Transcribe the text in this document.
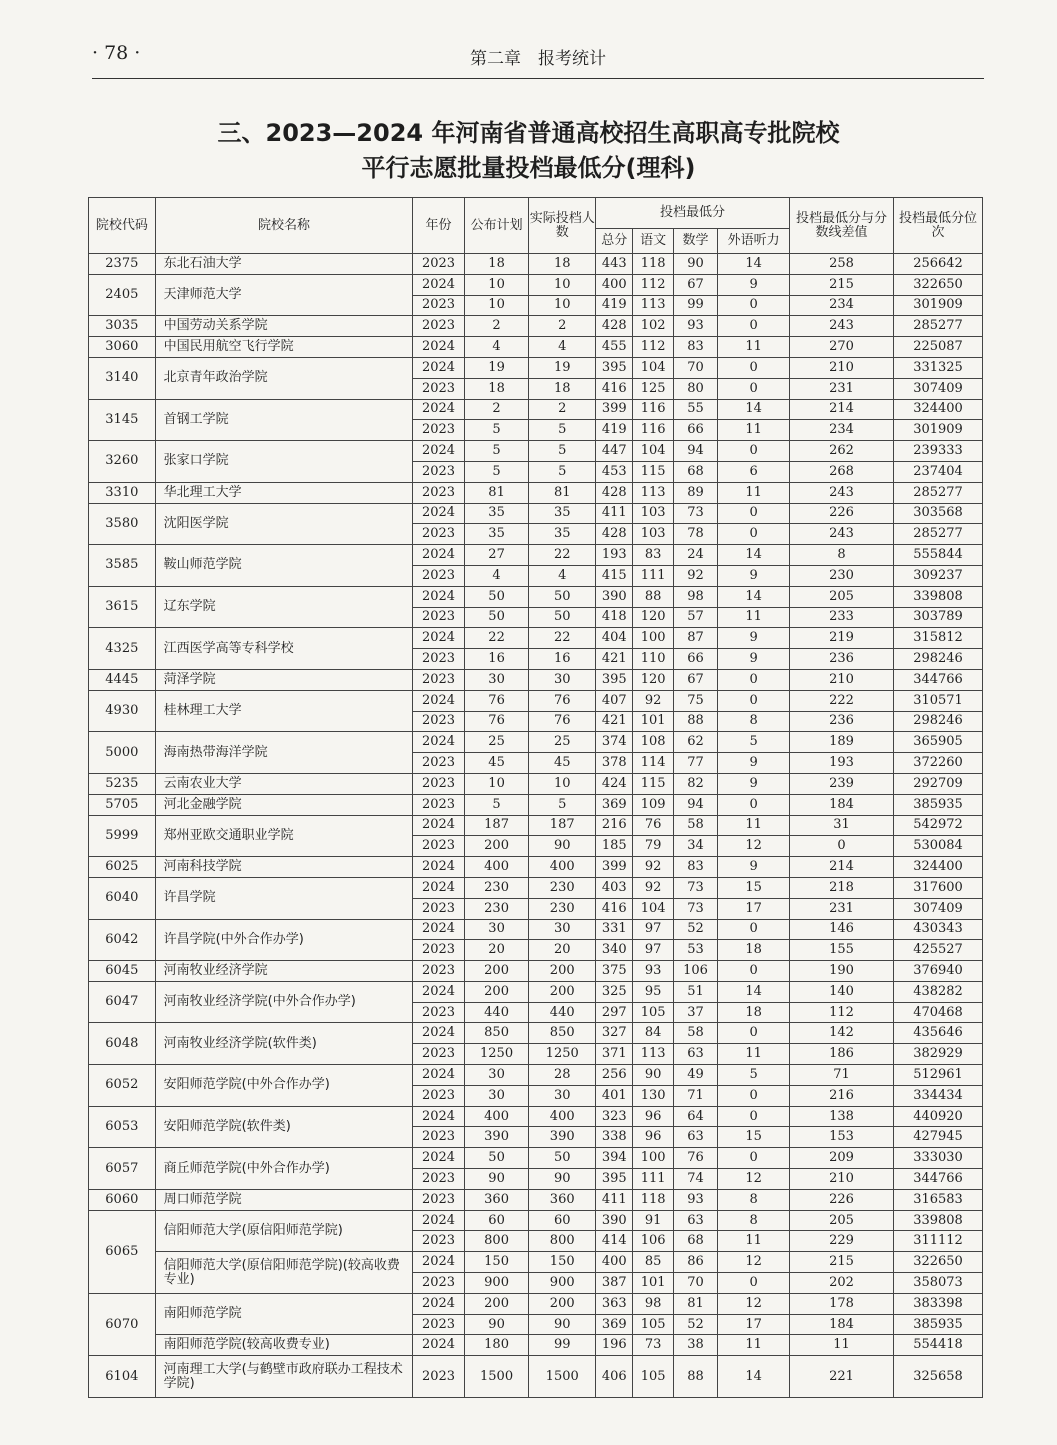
· 78 ·	第二章　报考统计
三、2023—2024 年河南省普通高校招生高职高专批院校
平行志愿批量投档最低分(理科)
院校代码	院校名称	年份	公布计划	实际投档人数	投档最低分				投档最低分与分数线差值	投档最低分位次
					总分	语文	数学	外语听力		
2375	东北石油大学	2023	18	18	443	118	90	14	258	256642
2405	天津师范大学	2024	10	10	400	112	67	9	215	322650
		2023	10	10	419	113	99	0	234	301909
3035	中国劳动关系学院	2023	2	2	428	102	93	0	243	285277
3060	中国民用航空飞行学院	2024	4	4	455	112	83	11	270	225087
3140	北京青年政治学院	2024	19	19	395	104	70	0	210	331325
		2023	18	18	416	125	80	0	231	307409
3145	首钢工学院	2024	2	2	399	116	55	14	214	324400
		2023	5	5	419	116	66	11	234	301909
3260	张家口学院	2024	5	5	447	104	94	0	262	239333
		2023	5	5	453	115	68	6	268	237404
3310	华北理工大学	2023	81	81	428	113	89	11	243	285277
3580	沈阳医学院	2024	35	35	411	103	73	0	226	303568
		2023	35	35	428	103	78	0	243	285277
3585	鞍山师范学院	2024	27	22	193	83	24	14	8	555844
		2023	4	4	415	111	92	9	230	309237
3615	辽东学院	2024	50	50	390	88	98	14	205	339808
		2023	50	50	418	120	57	11	233	303789
4325	江西医学高等专科学校	2024	22	22	404	100	87	9	219	315812
		2023	16	16	421	110	66	9	236	298246
4445	菏泽学院	2023	30	30	395	120	67	0	210	344766
4930	桂林理工大学	2024	76	76	407	92	75	0	222	310571
		2023	76	76	421	101	88	8	236	298246
5000	海南热带海洋学院	2024	25	25	374	108	62	5	189	365905
		2023	45	45	378	114	77	9	193	372260
5235	云南农业大学	2023	10	10	424	115	82	9	239	292709
5705	河北金融学院	2023	5	5	369	109	94	0	184	385935
5999	郑州亚欧交通职业学院	2024	187	187	216	76	58	11	31	542972
		2023	200	90	185	79	34	12	0	530084
6025	河南科技学院	2024	400	400	399	92	83	9	214	324400
6040	许昌学院	2024	230	230	403	92	73	15	218	317600
		2023	230	230	416	104	73	17	231	307409
6042	许昌学院(中外合作办学)	2024	30	30	331	97	52	0	146	430343
		2023	20	20	340	97	53	18	155	425527
6045	河南牧业经济学院	2023	200	200	375	93	106	0	190	376940
6047	河南牧业经济学院(中外合作办学)	2024	200	200	325	95	51	14	140	438282
		2023	440	440	297	105	37	18	112	470468
6048	河南牧业经济学院(软件类)	2024	850	850	327	84	58	0	142	435646
		2023	1250	1250	371	113	63	11	186	382929
6052	安阳师范学院(中外合作办学)	2024	30	28	256	90	49	5	71	512961
		2023	30	30	401	130	71	0	216	334434
6053	安阳师范学院(软件类)	2024	400	400	323	96	64	0	138	440920
		2023	390	390	338	96	63	15	153	427945
6057	商丘师范学院(中外合作办学)	2024	50	50	394	100	76	0	209	333030
		2023	90	90	395	111	74	12	210	344766
6060	周口师范学院	2023	360	360	411	118	93	8	226	316583
6065	信阳师范大学(原信阳师范学院)	2024	60	60	390	91	63	8	205	339808
		2023	800	800	414	106	68	11	229	311112
	信阳师范大学(原信阳师范学院)(较高收费专业)	2024	150	150	400	85	86	12	215	322650
		2023	900	900	387	101	70	0	202	358073
6070	南阳师范学院	2024	200	200	363	98	81	12	178	383398
		2023	90	90	369	105	52	17	184	385935
	南阳师范学院(较高收费专业)	2024	180	99	196	73	38	11	11	554418
6104	河南理工大学(与鹤壁市政府联办工程技术学院)	2023	1500	1500	406	105	88	14	221	325658
